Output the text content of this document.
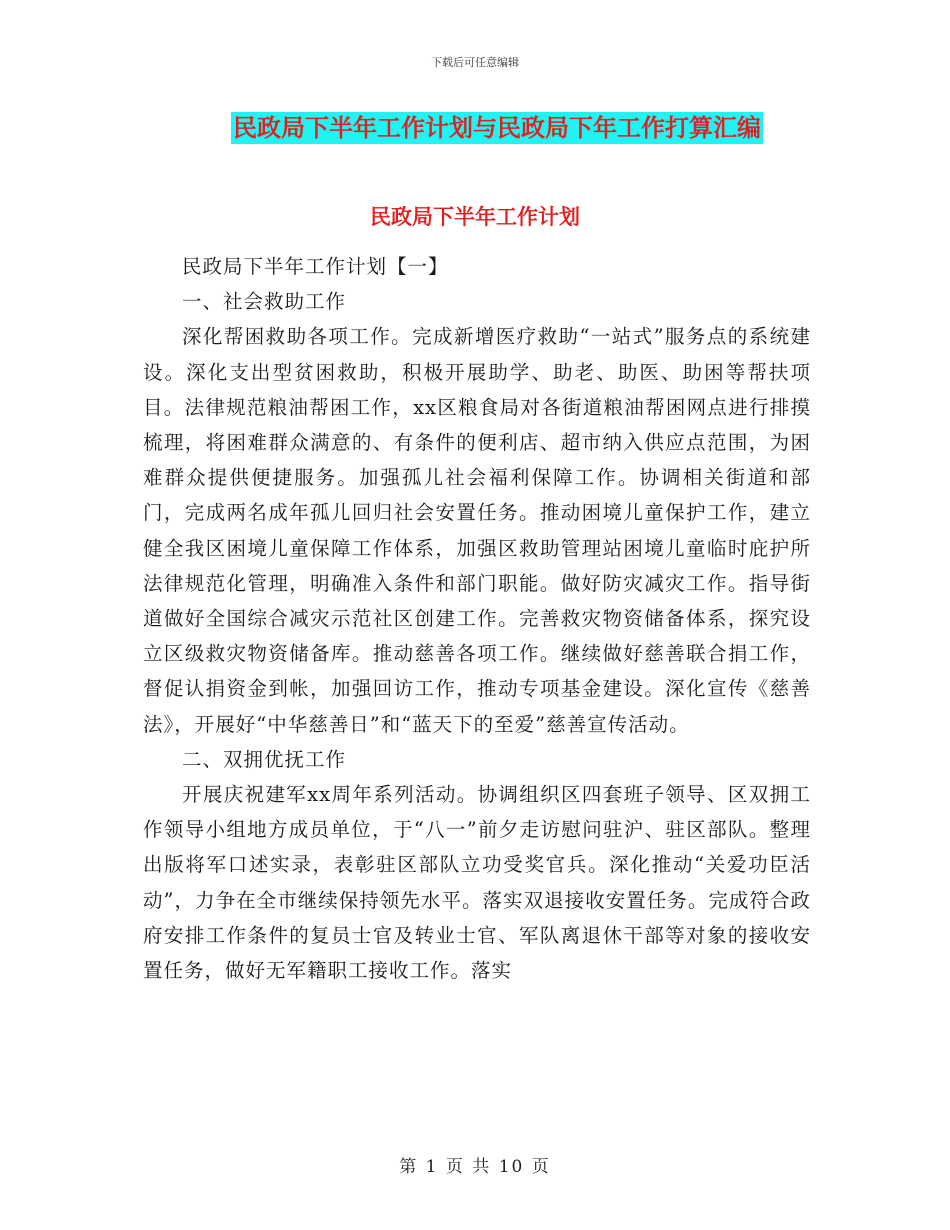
下载后可任意编辑
民政局下半年工作计划与民政局下年工作打算汇编
民政局下半年工作计划

民政局下半年工作计划【一】

一、社会救助工作

深化帮困救助各项工作。完成新增医疗救助“一站式”服务点的系统建设。深化支出型贫困救助，积极开展助学、助老、助医、助困等帮扶项目。法律规范粮油帮困工作，xx区粮食局对各街道粮油帮困网点进行排摸梳理，将困难群众满意的、有条件的便利店、超市纳入供应点范围，为困难群众提供便捷服务。加强孤儿社会福利保障工作。协调相关街道和部门，完成两名成年孤儿回归社会安置任务。推动困境儿童保护工作，建立健全我区困境儿童保障工作体系，加强区救助管理站困境儿童临时庇护所法律规范化管理，明确准入条件和部门职能。做好防灾减灾工作。指导街道做好全国综合减灾示范社区创建工作。完善救灾物资储备体系，探究设立区级救灾物资储备库。推动慈善各项工作。继续做好慈善联合捐工作，督促认捐资金到帐，加强回访工作，推动专项基金建设。深化宣传《慈善法》，开展好“中华慈善日”和“蓝天下的至爱”慈善宣传活动。

二、双拥优抚工作

开展庆祝建军xx周年系列活动。协调组织区四套班子领导、区双拥工作领导小组地方成员单位，于“八一”前夕走访慰问驻沪、驻区部队。整理出版将军口述实录，表彰驻区部队立功受奖官兵。深化推动“关爱功臣活动”，力争在全市继续保持领先水平。落实双退接收安置任务。完成符合政府安排工作条件的复员士官及转业士官、军队离退休干部等对象的接收安置任务，做好无军籍职工接收工作。落实

第 1 页 共 10 页
